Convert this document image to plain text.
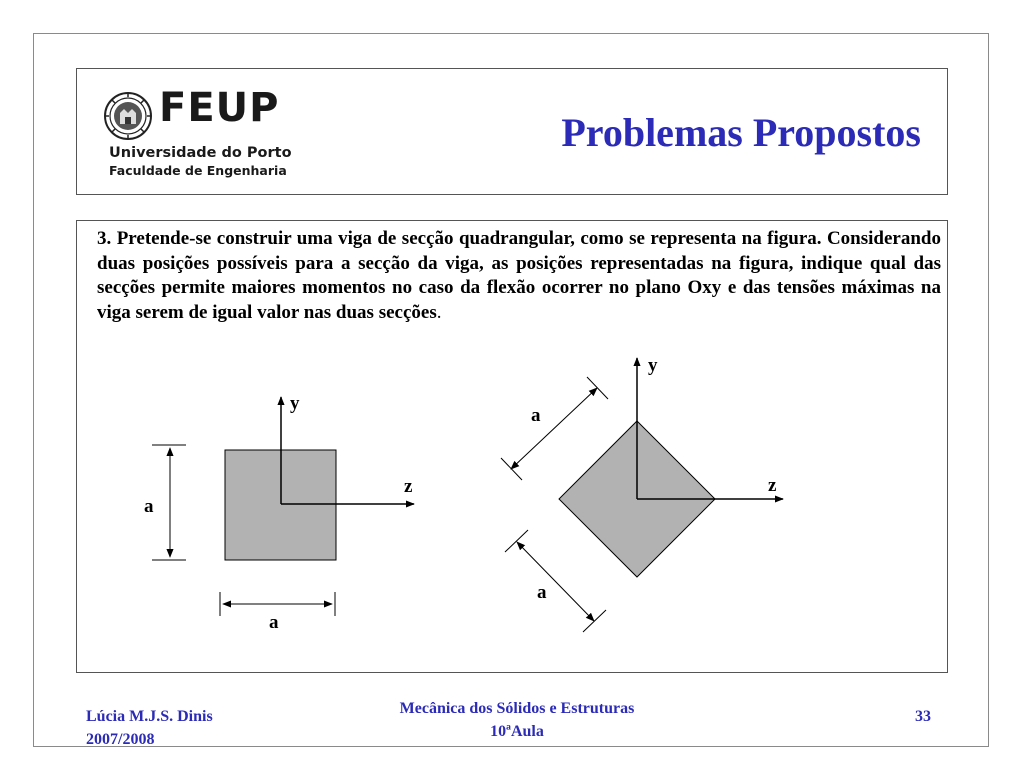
FEUP
Universidade do Porto
Faculdade de Engenharia
Problemas Propostos

3. Pretende-se construir uma viga de secção quadrangular, como se representa na figura. Considerando duas posições possíveis para a secção da viga, as posições representadas na figura, indique qual das secções permite maiores momentos no caso da flexão ocorrer no plano Oxy e das tensões máximas na viga serem de igual valor nas duas secções.

y
z
a
a
y
z
a
a
Lúcia M.J.S. Dinis
2007/2008
Mecânica dos Sólidos e Estruturas
10ªAula
33
